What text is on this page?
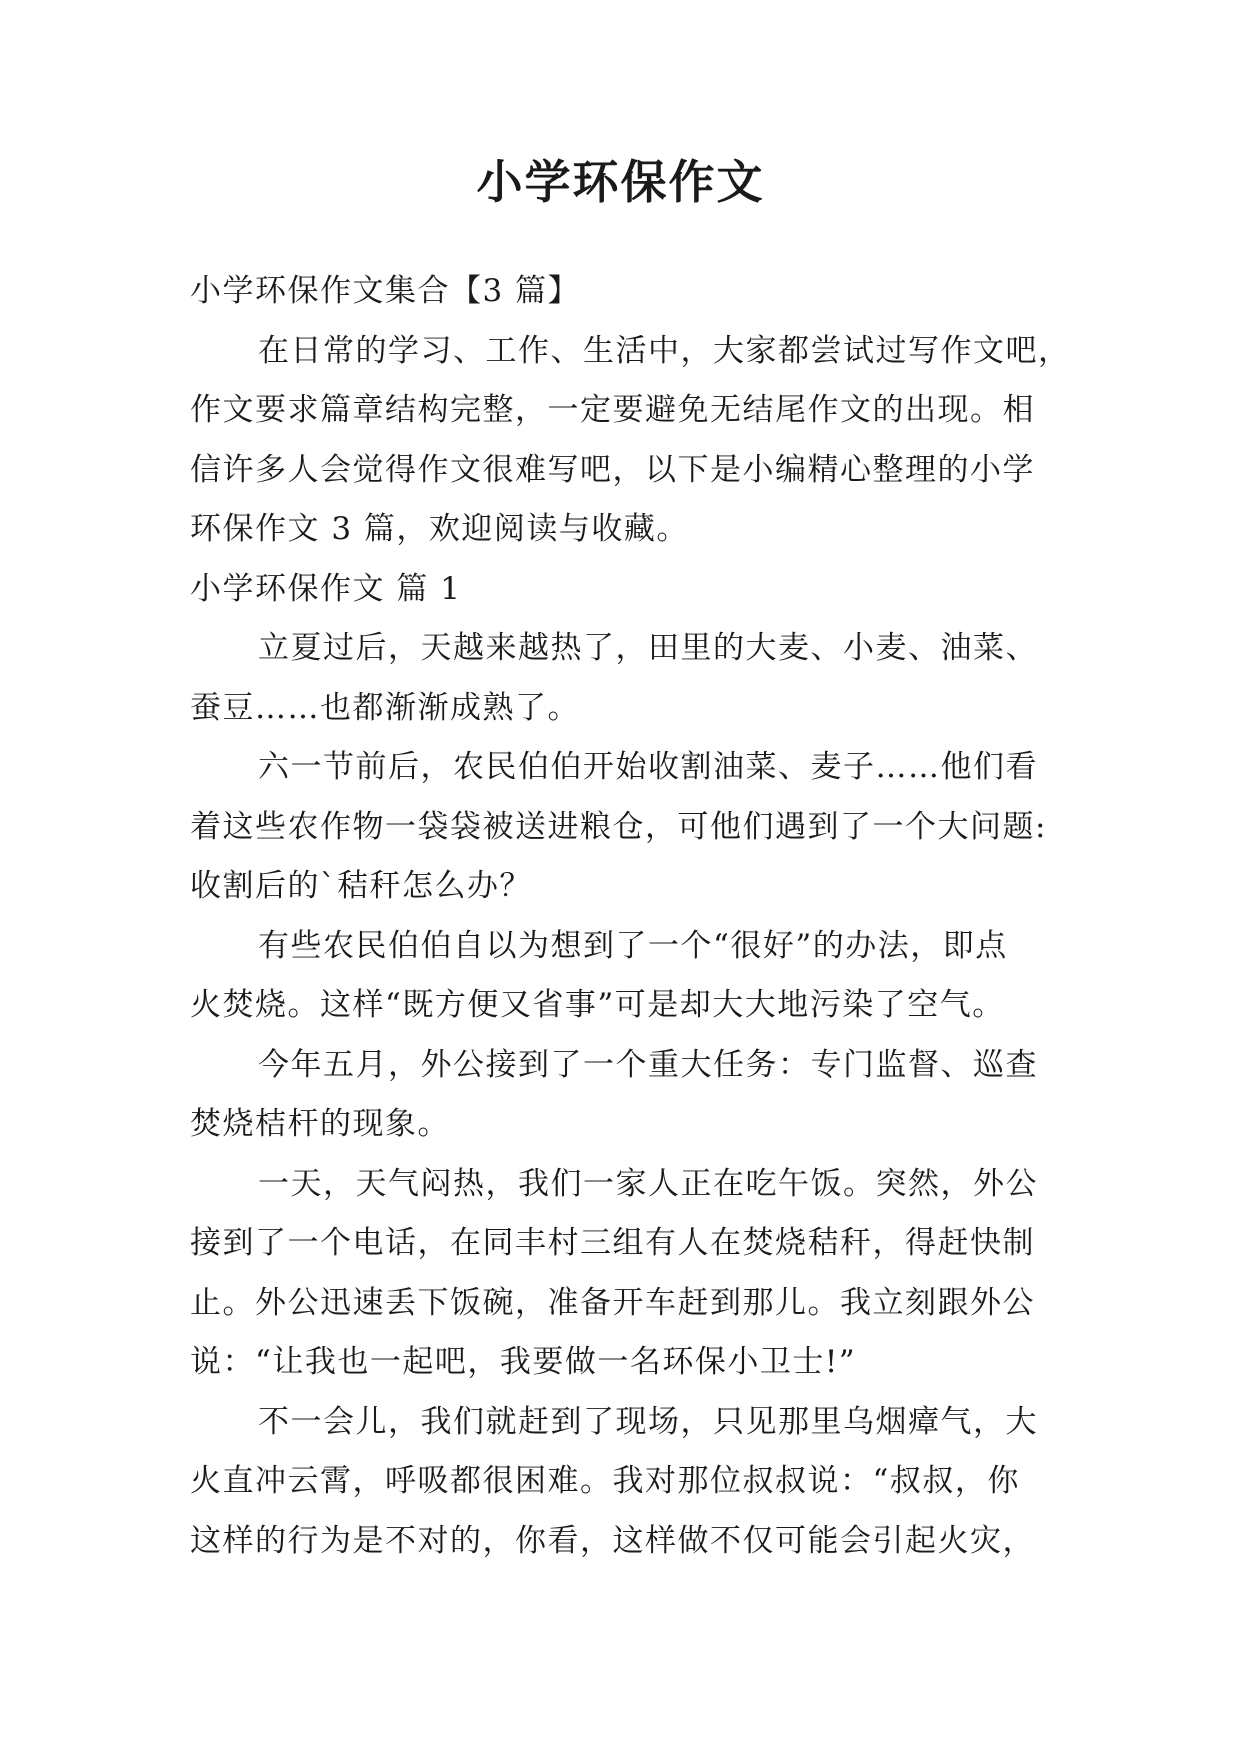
小学环保作文

小学环保作文集合【3 篇】

在日常的学习、工作、生活中，大家都尝试过写作文吧，

作文要求篇章结构完整，一定要避免无结尾作文的出现。相

信许多人会觉得作文很难写吧，以下是小编精心整理的小学

环保作文 3 篇，欢迎阅读与收藏。

小学环保作文 篇 1

立夏过后，天越来越热了，田里的大麦、小麦、油菜、

蚕豆……也都渐渐成熟了。

六一节前后，农民伯伯开始收割油菜、麦子……他们看

着这些农作物一袋袋被送进粮仓，可他们遇到了一个大问题:

收割后的`秸秆怎么办？

有些农民伯伯自以为想到了一个“很好”的办法，即点

火焚烧。这样“既方便又省事”可是却大大地污染了空气。

今年五月，外公接到了一个重大任务：专门监督、巡查

焚烧桔杆的现象。

一天，天气闷热，我们一家人正在吃午饭。突然，外公

接到了一个电话，在同丰村三组有人在焚烧秸秆，得赶快制

止。外公迅速丢下饭碗，准备开车赶到那儿。我立刻跟外公

说：“让我也一起吧，我要做一名环保小卫士!”

不一会儿，我们就赶到了现场，只见那里乌烟瘴气，大

火直冲云霄，呼吸都很困难。我对那位叔叔说：“叔叔，你

这样的行为是不对的，你看，这样做不仅可能会引起火灾，
